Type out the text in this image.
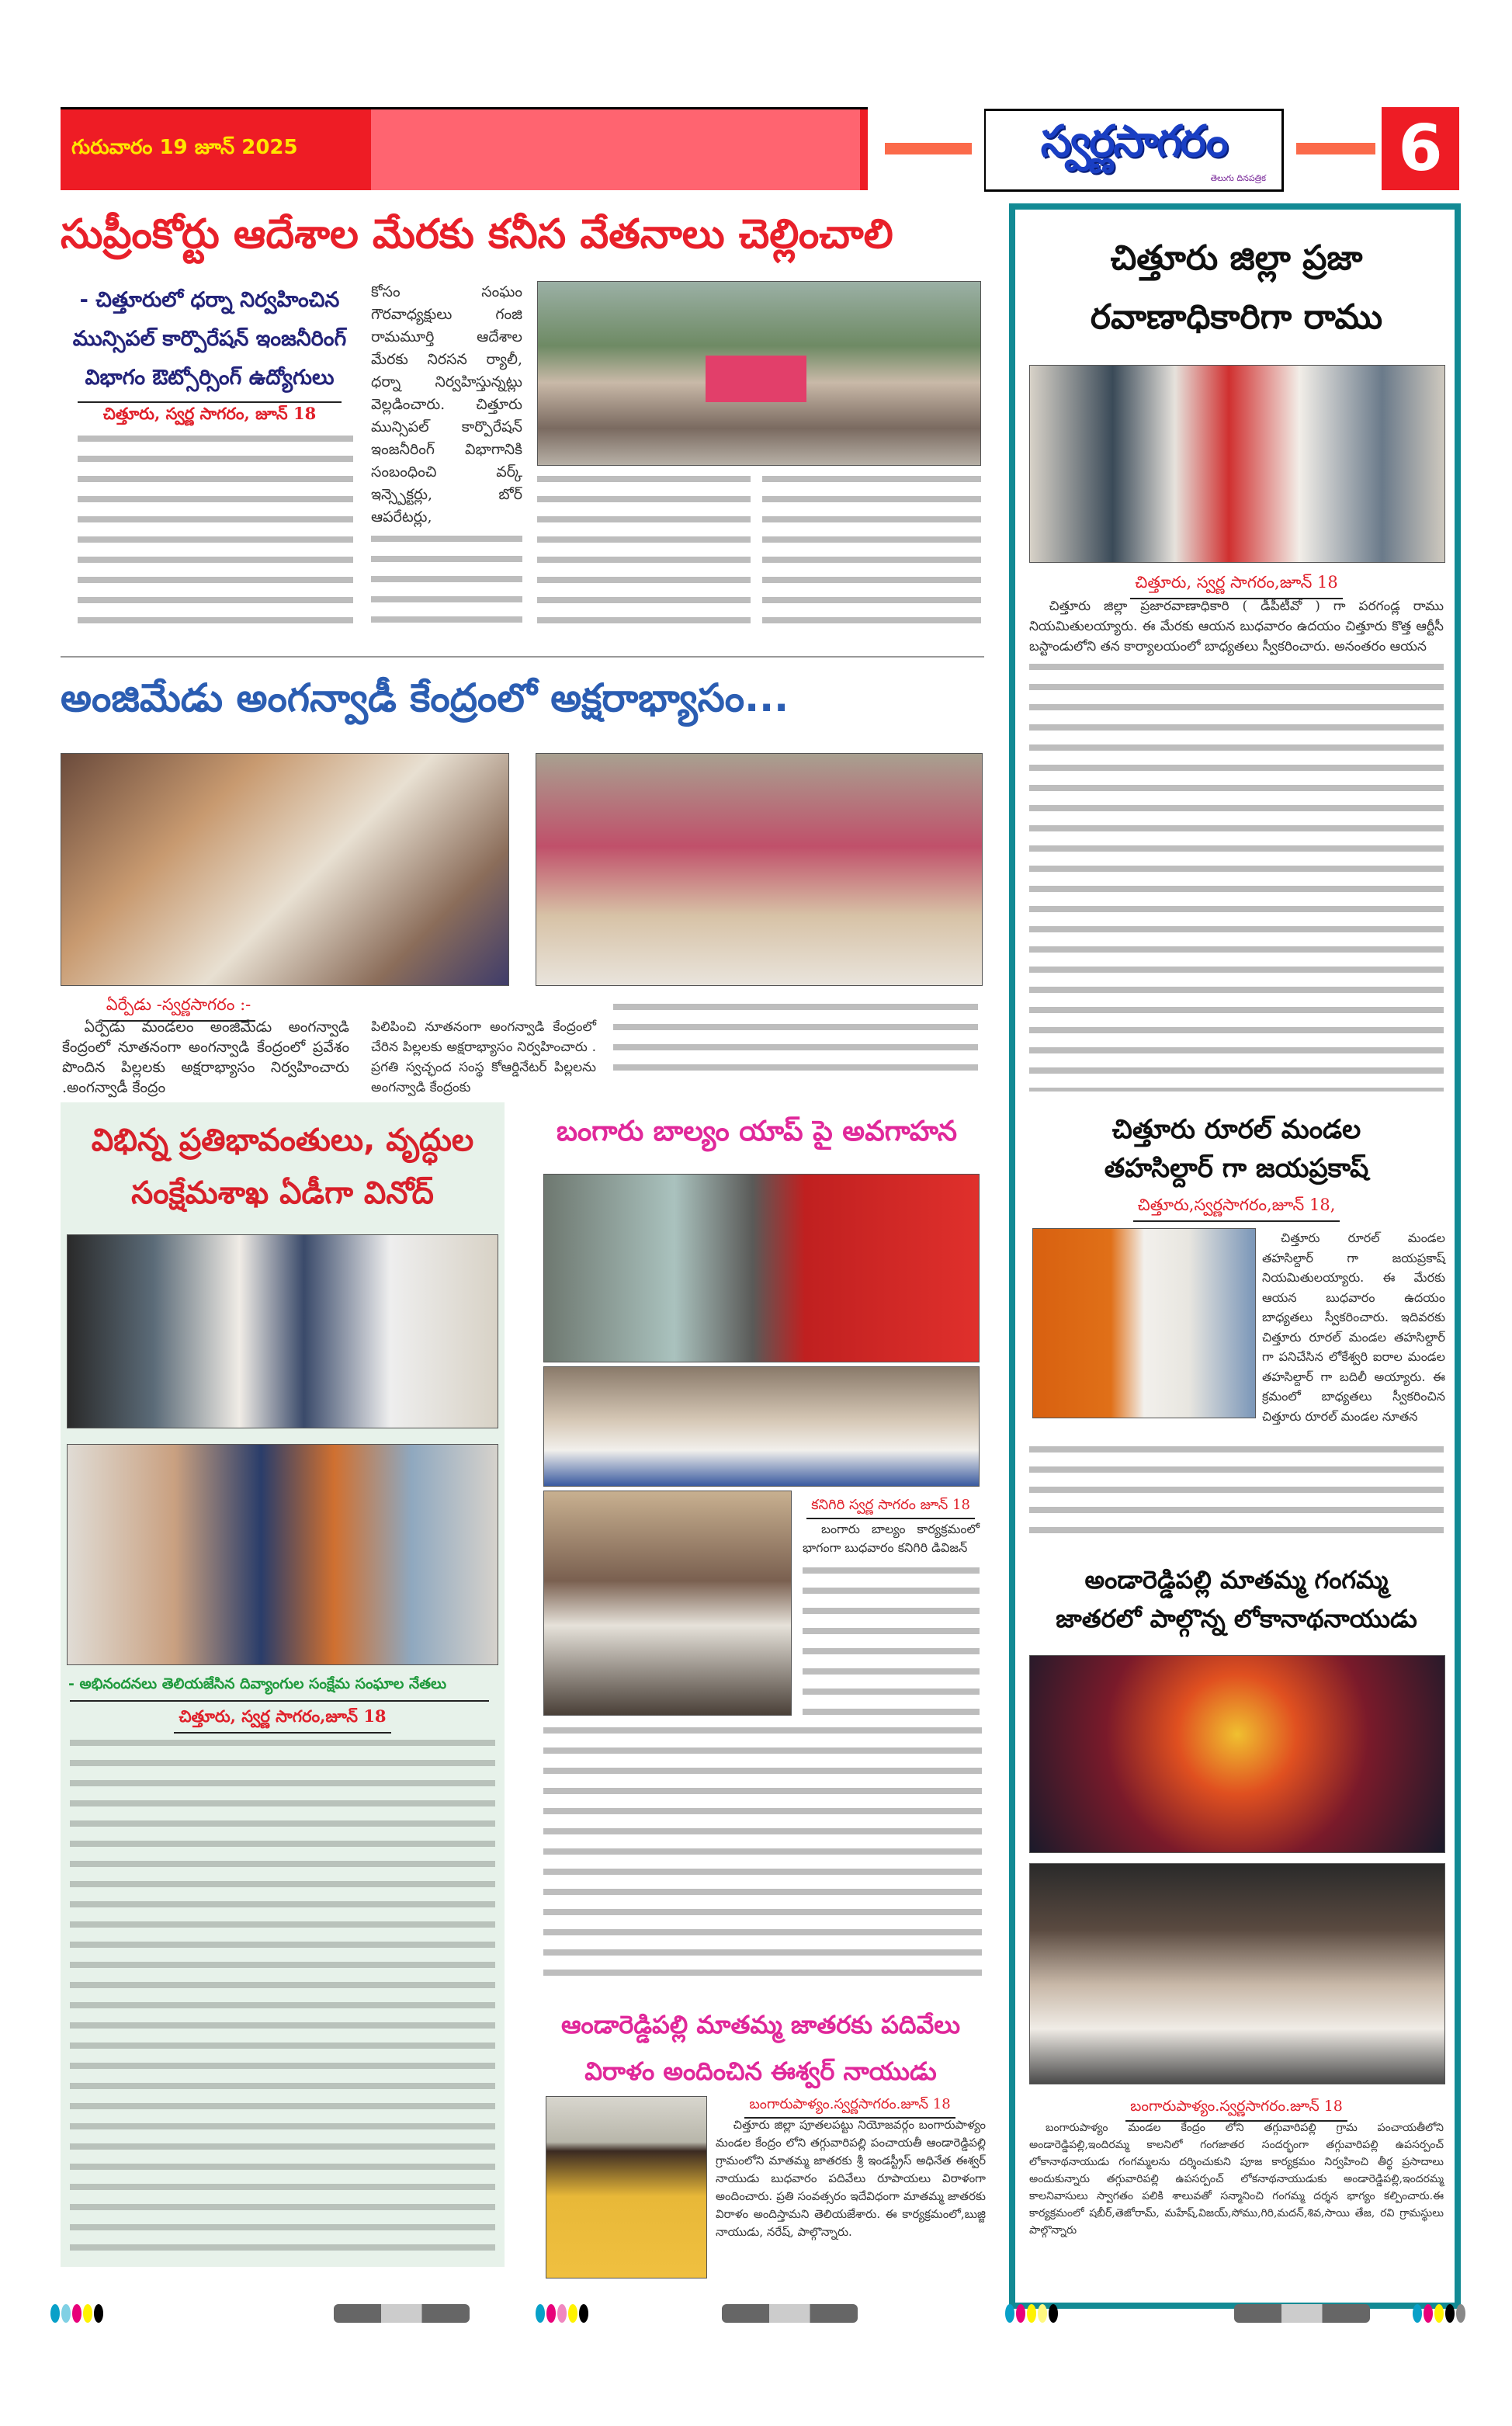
గురువారం 19 జూన్ 2025	స్వర్ణసాగరం
తెలుగు దినపత్రిక 6
సుప్రీంకోర్టు ఆదేశాల మేరకు కనీస వేతనాలు చెల్లించాలి
- చిత్తూరులో ధర్నా నిర్వహించిన మున్సిపల్ కార్పొరేషన్ ఇంజనీరింగ్ విభాగం ఔట్సోర్సింగ్ ఉద్యోగులు
చిత్తూరు, స్వర్ణ సాగరం, జూన్ 18
కోసం సంఘం గౌరవాధ్యక్షులు గంజి రామమూర్తి ఆదేశాల మేరకు నిరసన ర్యాలీ, ధర్నా నిర్వహిస్తున్నట్లు వెల్లడించారు. చిత్తూరు మున్సిపల్ కార్పొరేషన్ ఇంజనీరింగ్ విభాగానికి సంబంధించి వర్క్ ఇన్స్పెక్టర్లు, బోర్ ఆపరేటర్లు,
అంజిమేడు అంగన్వాడీ కేంద్రంలో అక్షరాభ్యాసం...
ఏర్పేడు -స్వర్ణసాగరం :-
ఏర్పేడు మండలం అంజిమేడు అంగన్వాడి కేంద్రంలో నూతనంగా అంగన్వాడి కేంద్రంలో ప్రవేశం పొందిన పిల్లలకు అక్షరాభ్యాసం నిర్వహించారు .అంగన్వాడీ కేంద్రం
పిలిపించి నూతనంగా అంగన్వాడి కేంద్రంలో చేరిన పిల్లలకు అక్షరాభ్యాసం నిర్వహించారు . ప్రగతి స్వచ్ఛంద సంస్థ కోఆర్డినేటర్ పిల్లలను అంగన్వాడి కేంద్రంకు
విభిన్న ప్రతిభావంతులు, వృద్ధుల సంక్షేమశాఖ ఏడీగా వినోద్
- అభినందనలు తెలియజేసిన దివ్యాంగుల సంక్షేమ సంఘాల నేతలు
చిత్తూరు, స్వర్ణ సాగరం,జూన్ 18
బంగారు బాల్యం యాప్ పై అవగాహన
కనిగిరి స్వర్ణ సాగరం జూన్ 18
బంగారు బాల్యం కార్యక్రమంలో భాగంగా బుధవారం కనిగిరి డివిజన్
ఆండారెడ్డిపల్లి మాతమ్మ జాతరకు పదివేలు విరాళం అందించిన ఈశ్వర్ నాయుడు
బంగారుపాళ్యం.స్వర్ణసాగరం.జూన్ 18
చిత్తూరు జిల్లా పూతలపట్టు నియోజవర్గం బంగారుపాళ్యం మండల కేంద్రం లోని తగ్గువారిపల్లి పంచాయతీ ఆండారెడ్డిపల్లి గ్రామంలోని మాతమ్మ జాతరకు శ్రీ ఇండస్ట్రీస్ అధినేత ఈశ్వర్ నాయుడు బుధవారం పదివేలు రూపాయలు విరాళంగా అందించారు. ప్రతి సంవత్సరం ఇదేవిధంగా మాతమ్మ జాతరకు విరాళం అందిస్తామని తెలియజేశారు. ఈ కార్యక్రమంలో,బుజ్జి నాయుడు, నరేష్, పాల్గొన్నారు.
చిత్తూరు జిల్లా ప్రజా రవాణాధికారిగా రాము
చిత్తూరు, స్వర్ణ సాగరం,జూన్ 18
చిత్తూరు జిల్లా ప్రజారవాణాధికారి ( డీపీటీవో ) గా పరగండ్ల రాము నియమితులయ్యారు. ఈ మేరకు ఆయన బుధవారం ఉదయం చిత్తూరు కొత్త ఆర్టీసీ బస్టాండులోని తన కార్యాలయంలో బాధ్యతలు స్వీకరించారు. అనంతరం ఆయన
చిత్తూరు రూరల్ మండల తహసిల్దార్ గా జయప్రకాష్
చిత్తూరు,స్వర్ణసాగరం,జూన్ 18,
చిత్తూరు రూరల్ మండల తహసిల్దార్ గా జయప్రకాష్ నియమితులయ్యారు. ఈ మేరకు ఆయన బుధవారం ఉదయం బాధ్యతలు స్వీకరించారు. ఇదివరకు చిత్తూరు రూరల్ మండల తహసిల్దార్ గా పనిచేసిన లోకేశ్వరి ఐరాల మండల తహసిల్దార్ గా బదిలీ అయ్యారు. ఈ క్రమంలో బాధ్యతలు స్వీకరించిన చిత్తూరు రూరల్ మండల నూతన
అండారెడ్డిపల్లి మాతమ్మ గంగమ్మ జాతరలో పాల్గొన్న లోకానాథనాయుడు
బంగారుపాళ్యం.స్వర్ణసాగరం.జూన్ 18
బంగారుపాళ్యం మండల కేంద్రం లోని తగ్గువారిపల్లి గ్రామ పంచాయతీలోని అండారెడ్డిపల్లి,ఇందిరమ్మ కాలనిలో గంగజాతర సందర్భంగా తగ్గువారిపల్లి ఉపసర్పంచ్ లోకానాథనాయుడు గంగమ్మలను దర్శించుకుని పూజ కార్యక్రమం నిర్వహించి తీర్థ ప్రసాదాలు అందుకున్నారు తగ్గువారిపల్లి ఉపసర్పంచ్ లోకనాథనాయుడుకు అండారెడ్డిపల్లి,ఇందరమ్మ కాలనివాసులు స్వాగతం పలికి శాలువతో సన్మానించి గంగమ్మ దర్శన భాగ్యం కల్పించారు.ఈ కార్యక్రమంలో షబీర్,తెజోరామ్, మహేష్,విజయ్,సోము,గిరి,మదన్,శివ,సాయి తేజ, రవి గ్రామస్థులు పాల్గొన్నారు
